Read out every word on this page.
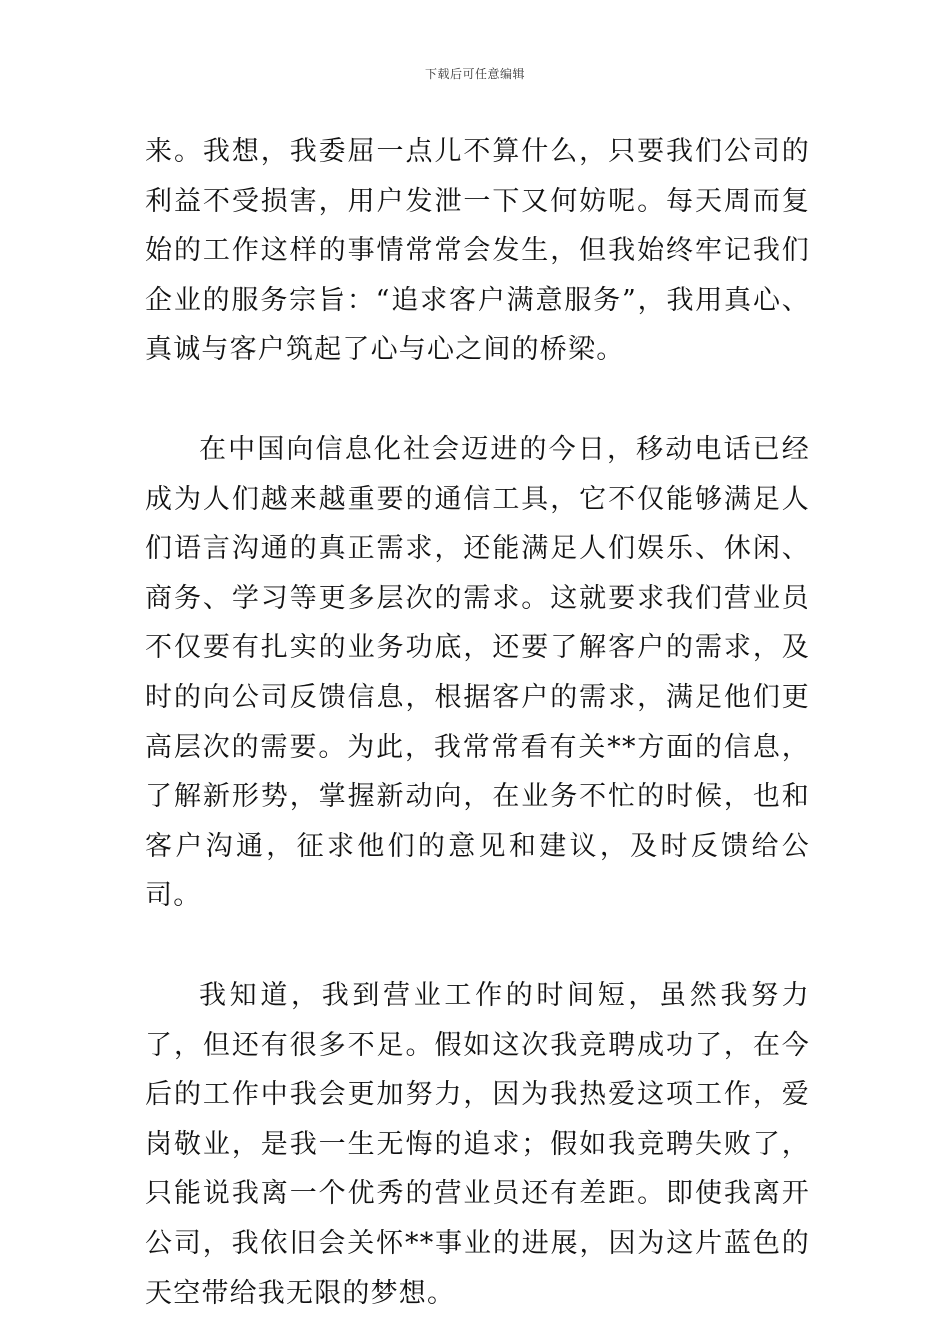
下载后可任意编辑

来。我想，我委屈一点儿不算什么，只要我们公司的利益不受损害，用户发泄一下又何妨呢。每天周而复始的工作这样的事情常常会发生，但我始终牢记我们企业的服务宗旨：“追求客户满意服务”，我用真心、真诚与客户筑起了心与心之间的桥梁。

在中国向信息化社会迈进的今日，移动电话已经成为人们越来越重要的通信工具，它不仅能够满足人们语言沟通的真正需求，还能满足人们娱乐、休闲、商务、学习等更多层次的需求。这就要求我们营业员不仅要有扎实的业务功底，还要了解客户的需求，及时的向公司反馈信息，根据客户的需求，满足他们更高层次的需要。为此，我常常看有关**方面的信息，了解新形势，掌握新动向，在业务不忙的时候，也和客户沟通，征求他们的意见和建议，及时反馈给公司。

我知道，我到营业工作的时间短，虽然我努力了，但还有很多不足。假如这次我竞聘成功了，在今后的工作中我会更加努力，因为我热爱这项工作，爱岗敬业，是我一生无悔的追求；假如我竞聘失败了，只能说我离一个优秀的营业员还有差距。即使我离开公司，我依旧会关怀**事业的进展，因为这片蓝色的天空带给我无限的梦想。
